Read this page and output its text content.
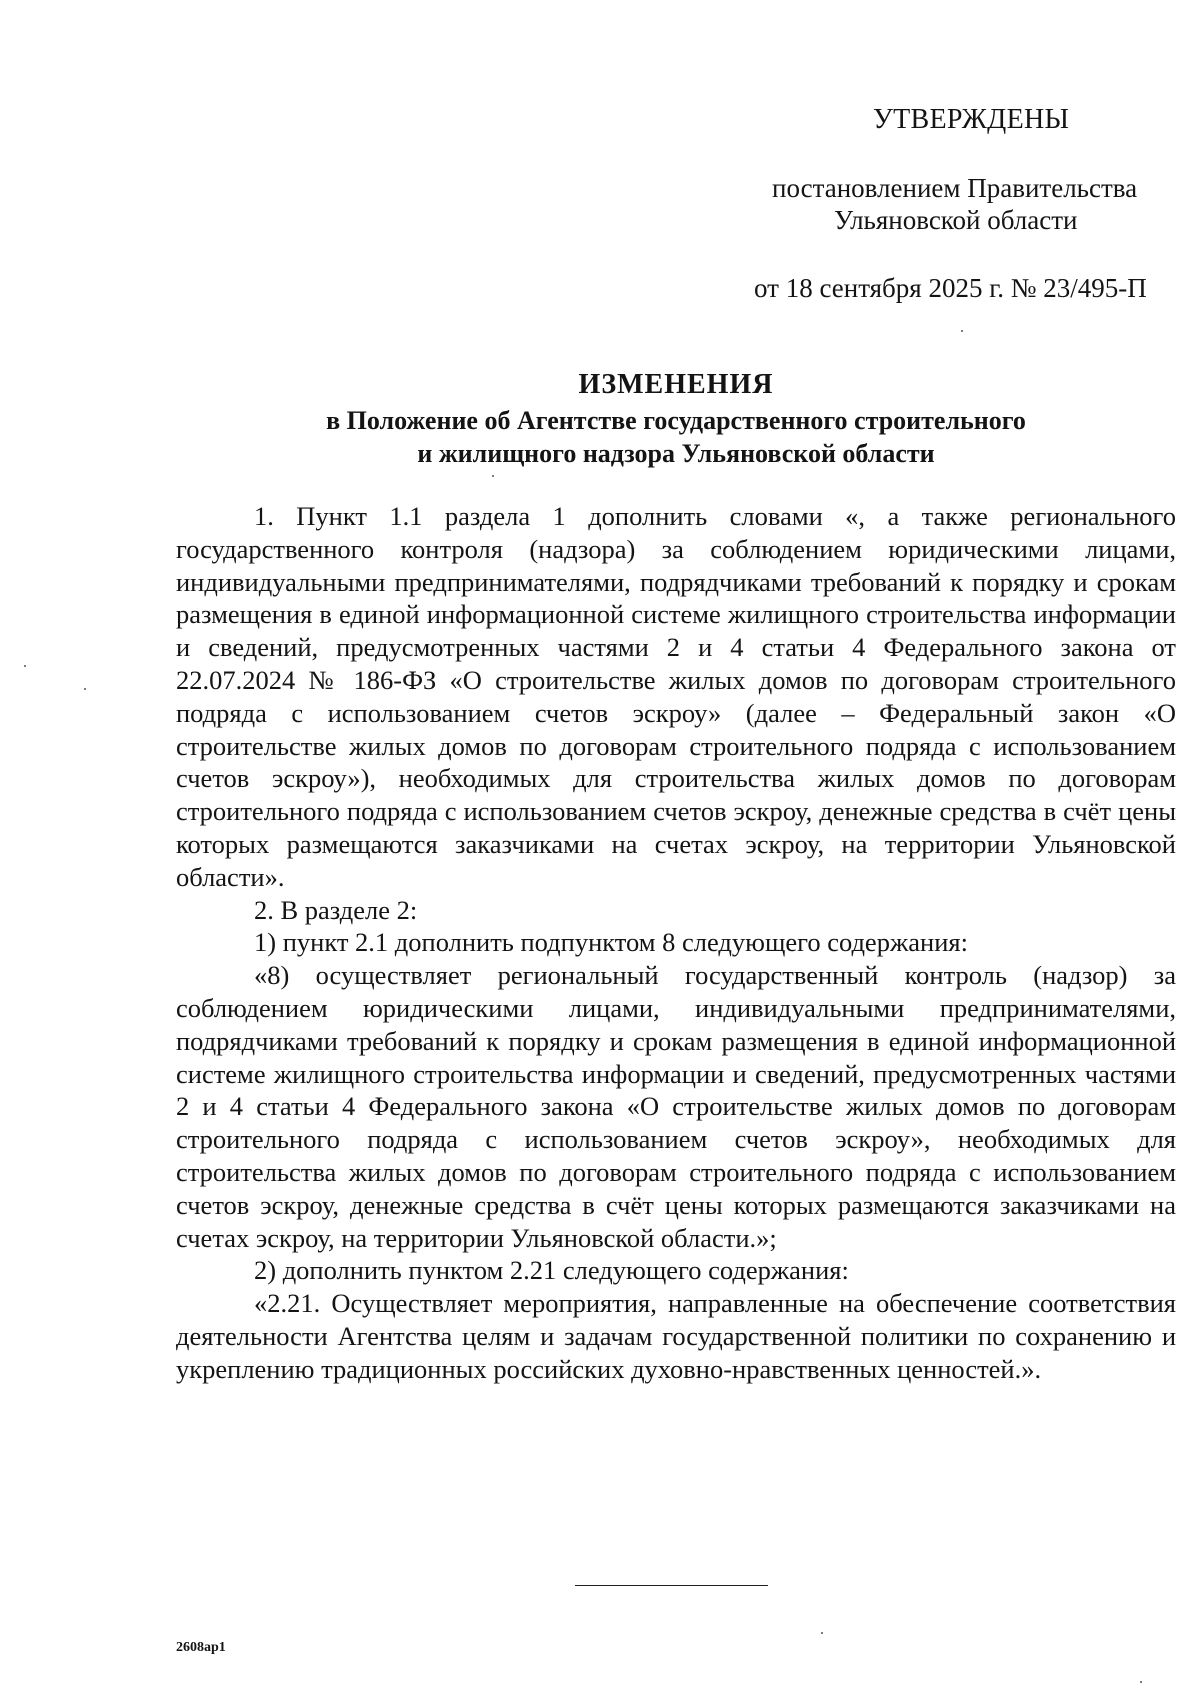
УТВЕРЖДЕНЫ
постановлением Правительства
Ульяновской области
от 18 сентября 2025 г. № 23/495-П
ИЗМЕНЕНИЯ
в Положение об Агентстве государственного строительного
и жилищного надзора Ульяновской области

1. Пункт 1.1 раздела 1 дополнить словами «, а также регионального государственного контроля (надзора) за соблюдением юридическими лицами, индивидуальными предпринимателями, подрядчиками требований к порядку и срокам размещения в единой информационной системе жилищного строительства информации и сведений, предусмотренных частями 2 и 4 статьи 4 Федерального закона от 22.07.2024 № 186-ФЗ «О строительстве жилых домов по договорам строительного подряда с использованием счетов эскроу» (далее – Федеральный закон «О строительстве жилых домов по договорам строительного подряда с использованием счетов эскроу»), необходимых для строительства жилых домов по договорам строительного подряда с использованием счетов эскроу, денежные средства в счёт цены которых размещаются заказчиками на счетах эскроу, на территории Ульяновской области».

2. В разделе 2:

1) пункт 2.1 дополнить подпунктом 8 следующего содержания:

«8) осуществляет региональный государственный контроль (надзор) за соблюдением юридическими лицами, индивидуальными предпринимателями, подрядчиками требований к порядку и срокам размещения в единой информационной системе жилищного строительства информации и сведений, предусмотренных частями 2 и 4 статьи 4 Федерального закона «О строительстве жилых домов по договорам строительного подряда с использованием счетов эскроу», необходимых для строительства жилых домов по договорам строительного подряда с использованием счетов эскроу, денежные средства в счёт цены которых размещаются заказчиками на счетах эскроу, на территории Ульяновской области.»;

2) дополнить пунктом 2.21 следующего содержания:

«2.21. Осуществляет мероприятия, направленные на обеспечение соответствия деятельности Агентства целям и задачам государственной политики по сохранению и укреплению традиционных российских духовно-нравственных ценностей.».

2608ap1
